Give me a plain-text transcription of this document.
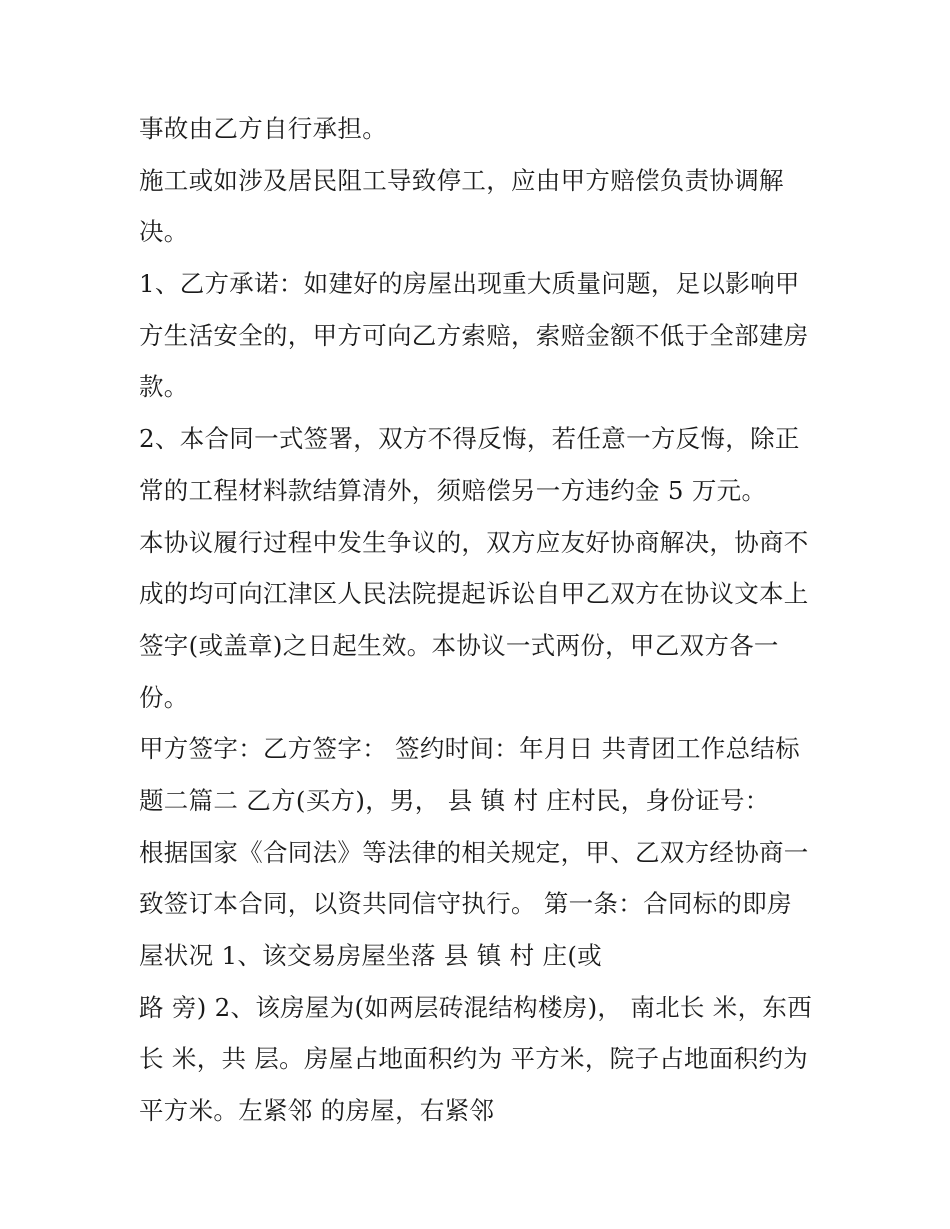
事故由乙方自行承担。
施工或如涉及居民阻工导致停工，应由甲方赔偿负责协调解
决。
1、乙方承诺：如建好的房屋出现重大质量问题，足以影响甲
方生活安全的，甲方可向乙方索赔，索赔金额不低于全部建房
款。
2、本合同一式签署，双方不得反悔，若任意一方反悔，除正
常的工程材料款结算清外，须赔偿另一方违约金 5 万元。
本协议履行过程中发生争议的，双方应友好协商解决，协商不
成的均可向江津区人民法院提起诉讼自甲乙双方在协议文本上
签字(或盖章)之日起生效。本协议一式两份，甲乙双方各一
份。
甲方签字：乙方签字： 签约时间：年月日 共青团工作总结标
题二篇二 乙方(买方)，男， 县 镇 村 庄村民，身份证号：
根据国家《合同法》等法律的相关规定，甲、乙双方经协商一
致签订本合同，以资共同信守执行。 第一条：合同标的即房
屋状况 1、该交易房屋坐落 县 镇 村 庄(或
路 旁) 2、该房屋为(如两层砖混结构楼房)， 南北长 米，东西
长 米，共 层。房屋占地面积约为 平方米，院子占地面积约为
平方米。左紧邻 的房屋，右紧邻
